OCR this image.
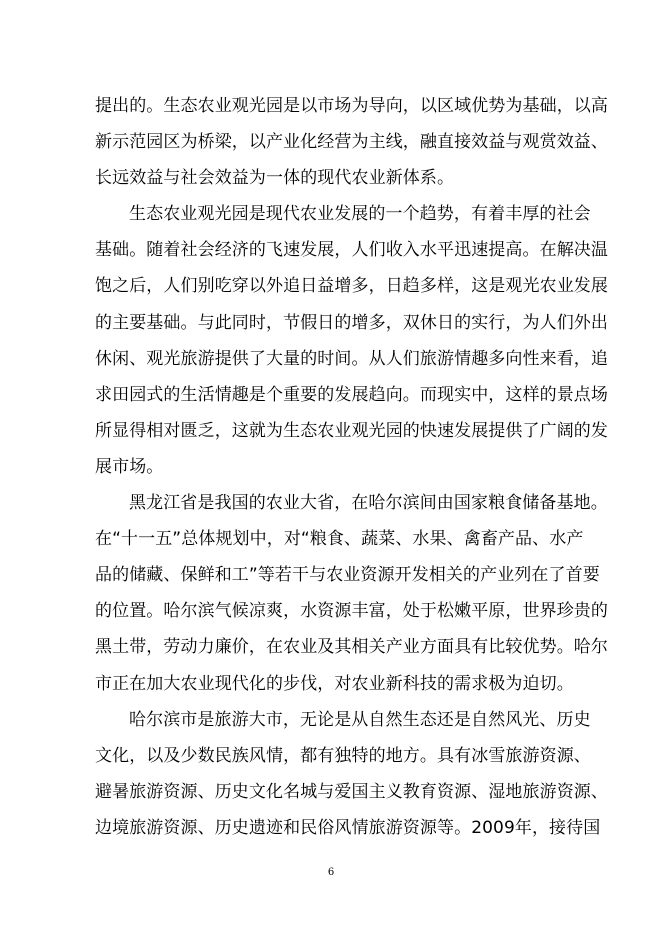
提出的。生态农业观光园是以市场为导向，以区域优势为基础，以高
新示范园区为桥梁，以产业化经营为主线，融直接效益与观赏效益、
长远效益与社会效益为一体的现代农业新体系。
生态农业观光园是现代农业发展的一个趋势，有着丰厚的社会
基础。随着社会经济的飞速发展，人们收入水平迅速提高。在解决温
饱之后，人们别吃穿以外追日益增多，日趋多样，这是观光农业发展
的主要基础。与此同时，节假日的增多，双休日的实行，为人们外出
休闲、观光旅游提供了大量的时间。从人们旅游情趣多向性来看，追
求田园式的生活情趣是个重要的发展趋向。而现实中，这样的景点场
所显得相对匮乏，这就为生态农业观光园的快速发展提供了广阔的发
展市场。
黑龙江省是我国的农业大省，在哈尔滨间由国家粮食储备基地。
在“十一五”总体规划中，对“粮食、蔬菜、水果、禽畜产品、水产
品的储藏、保鲜和工”等若干与农业资源开发相关的产业列在了首要
的位置。哈尔滨气候凉爽，水资源丰富，处于松嫩平原，世界珍贵的
黑土带，劳动力廉价，在农业及其相关产业方面具有比较优势。哈尔
市正在加大农业现代化的步伐，对农业新科技的需求极为迫切。
哈尔滨市是旅游大市，无论是从自然生态还是自然风光、历史
文化，以及少数民族风情，都有独特的地方。具有冰雪旅游资源、
避暑旅游资源、历史文化名城与爱国主义教育资源、湿地旅游资源、
边境旅游资源、历史遗迹和民俗风情旅游资源等。2009年，接待国
6
